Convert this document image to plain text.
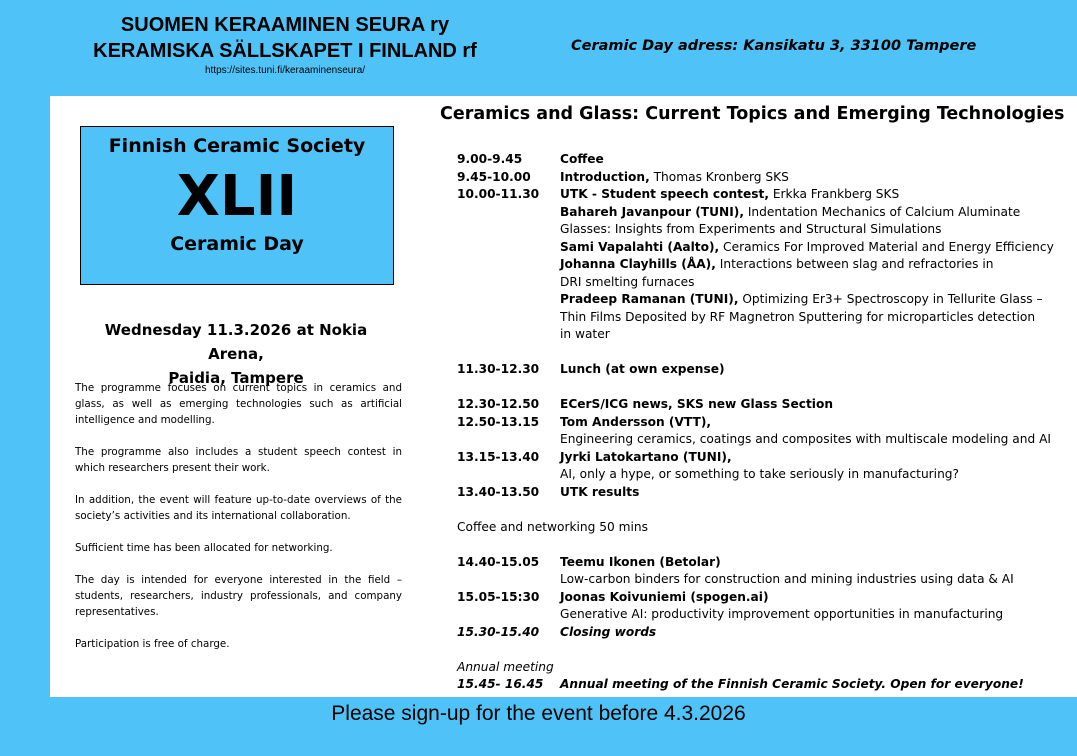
SUOMEN KERAAMINEN SEURA ry
KERAMISKA SÄLLSKAPET I FINLAND rf
https://sites.tuni.fi/keraaminenseura/
Ceramic Day adress: Kansikatu 3, 33100 Tampere
Finnish Ceramic Society
XLII
Ceramic Day
Wednesday 11.3.2026 at Nokia Arena,
Paidia, Tampere

The programme focuses on current topics in ceramics and glass, as well as emerging technologies such as artificial intelligence and modelling.

The programme also includes a student speech contest in which researchers present their work.

In addition, the event will feature up-to-date overviews of the society’s activities and its international collaboration.

Sufficient time has been allocated for networking.

The day is intended for everyone interested in the field – students, researchers, industry professionals, and company representatives.

Participation is free of charge.

Ceramics and Glass: Current Topics and Emerging Technologies
9.00-9.45	Coffee
9.45-10.00	Introduction, Thomas Kronberg SKS
10.00-11.30	UTK - Student speech contest, Erkka Frankberg SKS
Bahareh Javanpour (TUNI), Indentation Mechanics of Calcium Aluminate
Glasses: Insights from Experiments and Structural Simulations
Sami Vapalahti (Aalto), Ceramics For Improved Material and Energy Efficiency
Johanna Clayhills (ÅA), Interactions between slag and refractories in
DRI smelting furnaces
Pradeep Ramanan (TUNI), Optimizing Er3+ Spectroscopy in Tellurite Glass –
Thin Films Deposited by RF Magnetron Sputtering for microparticles detection
in water
11.30-12.30	Lunch (at own expense)
12.30-12.50	ECerS/ICG news, SKS new Glass Section
12.50-13.15	Tom Andersson (VTT),
Engineering ceramics, coatings and composites with multiscale modeling and AI
13.15-13.40	Jyrki Latokartano (TUNI),
AI, only a hype, or something to take seriously in manufacturing?
13.40-13.50	UTK results
Coffee and networking 50 mins
14.40-15.05	Teemu Ikonen (Betolar)
Low-carbon binders for construction and mining industries using data & AI
15.05-15:30	Joonas Koivuniemi (spogen.ai)
Generative AI: productivity improvement opportunities in manufacturing
15.30-15.40	Closing words
Annual meeting
15.45- 16.45	Annual meeting of the Finnish Ceramic Society. Open for everyone!
Please sign-up for the event before 4.3.2026
